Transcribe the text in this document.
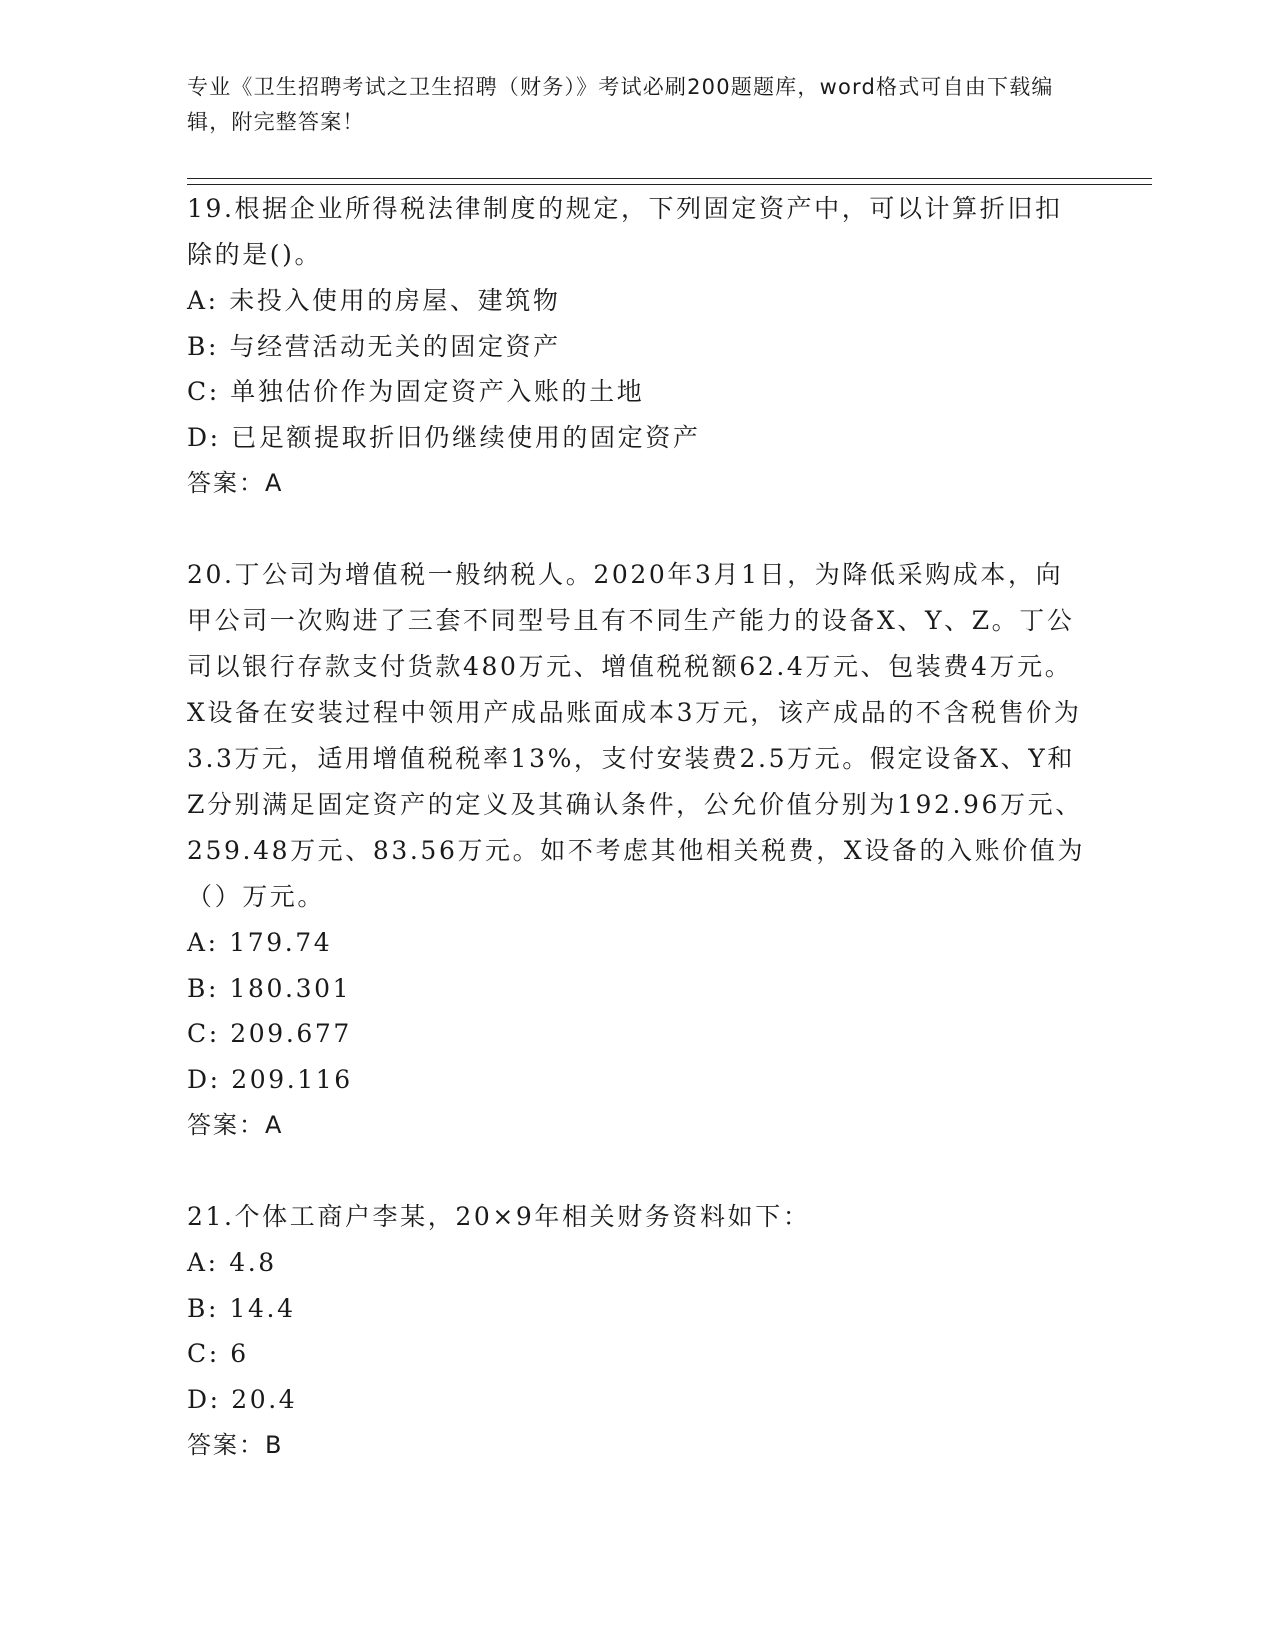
专业《卫生招聘考试之卫生招聘（财务）》考试必刷200题题库，word格式可自由下载编辑，附完整答案！

19.根据企业所得税法律制度的规定，下列固定资产中，可以计算折旧扣除的是()。

A: 未投入使用的房屋、建筑物

B: 与经营活动无关的固定资产

C: 单独估价作为固定资产入账的土地

D: 已足额提取折旧仍继续使用的固定资产

答案：A

20.丁公司为增值税一般纳税人。2020年3月1日，为降低采购成本，向甲公司一次购进了三套不同型号且有不同生产能力的设备X、Y、Z。丁公司以银行存款支付货款480万元、增值税税额62.4万元、包装费4万元。X设备在安装过程中领用产成品账面成本3万元，该产成品的不含税售价为3.3万元，适用增值税税率13%，支付安装费2.5万元。假定设备X、Y和Z分别满足固定资产的定义及其确认条件，公允价值分别为192.96万元、259.48万元、83.56万元。如不考虑其他相关税费，X设备的入账价值为（）万元。

A: 179.74

B: 180.301

C: 209.677

D: 209.116

答案：A

21.个体工商户李某，20×9年相关财务资料如下：

A: 4.8

B: 14.4

C: 6

D: 20.4

答案：B
